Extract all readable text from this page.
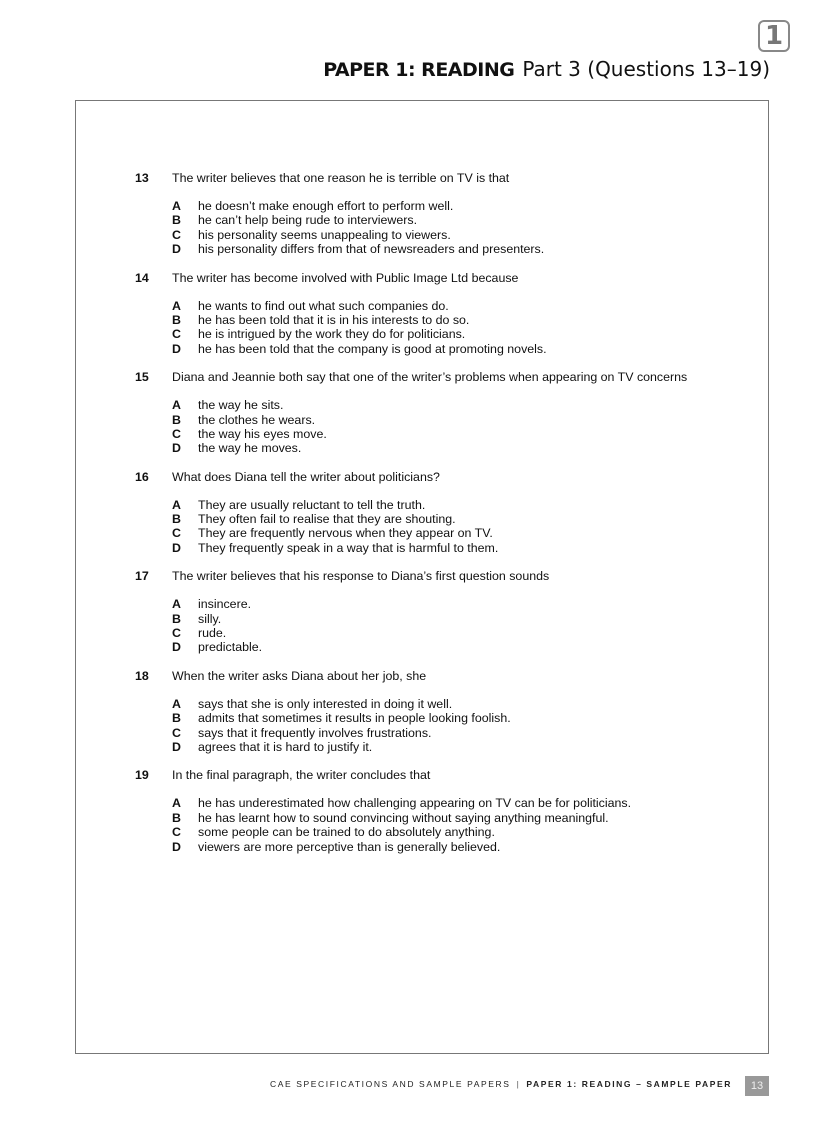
1
PAPER 1: READING Part 3 (Questions 13–19)
13 The writer believes that one reason he is terrible on TV is that
A he doesn’t make enough effort to perform well.
B he can’t help being rude to interviewers.
C his personality seems unappealing to viewers.
D his personality differs from that of newsreaders and presenters.
14 The writer has become involved with Public Image Ltd because
A he wants to find out what such companies do.
B he has been told that it is in his interests to do so.
C he is intrigued by the work they do for politicians.
D he has been told that the company is good at promoting novels.
15 Diana and Jeannie both say that one of the writer’s problems when appearing on TV concerns
A the way he sits.
B the clothes he wears.
C the way his eyes move.
D the way he moves.
16 What does Diana tell the writer about politicians?
A They are usually reluctant to tell the truth.
B They often fail to realise that they are shouting.
C They are frequently nervous when they appear on TV.
D They frequently speak in a way that is harmful to them.
17 The writer believes that his response to Diana’s first question sounds
A insincere.
B silly.
C rude.
D predictable.
18 When the writer asks Diana about her job, she
A says that she is only interested in doing it well.
B admits that sometimes it results in people looking foolish.
C says that it frequently involves frustrations.
D agrees that it is hard to justify it.
19 In the final paragraph, the writer concludes that
A he has underestimated how challenging appearing on TV can be for politicians.
B he has learnt how to sound convincing without saying anything meaningful.
C some people can be trained to do absolutely anything.
D viewers are more perceptive than is generally believed.
CAE SPECIFICATIONS AND SAMPLE PAPERS | PAPER 1: READING – SAMPLE PAPER	13
